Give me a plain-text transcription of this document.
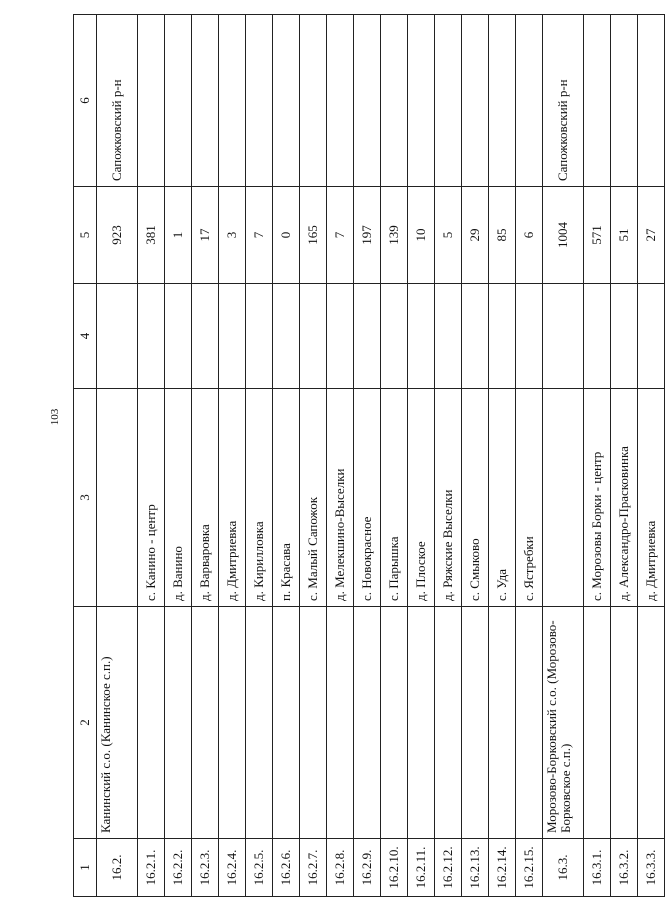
103
1	2	3	4	5	6
16.2.	Канинский с.о. (Канинское с.п.)			923	Сапожковский р-н
16.2.1.		с. Канино - центр		381	
16.2.2.		д. Ванино		1	
16.2.3.		д. Варваровка		17	
16.2.4.		д. Дмитриевка		3	
16.2.5.		д. Кирилловка		7	
16.2.6.		п. Красава		0	
16.2.7.		с. Малый Сапожок		165	
16.2.8.		д. Мелекшино-Выселки		7	
16.2.9.		с. Новокрасное		197	
16.2.10.		с. Парышка		139	
16.2.11.		д. Плоское		10	
16.2.12.		д. Ряжские Выселки		5	
16.2.13.		с. Смыково		29	
16.2.14.		с. Уда		85	
16.2.15.		с. Ястребки		6	
16.3.	Морозово-Борковский с.о. (Морозово-Борковское с.п.)			1004	Сапожковский р-н
16.3.1.		с. Морозовы Борки - центр		571	
16.3.2.		д. Александро-Прасковинка		51	
16.3.3.		д. Дмитриевка		27	
